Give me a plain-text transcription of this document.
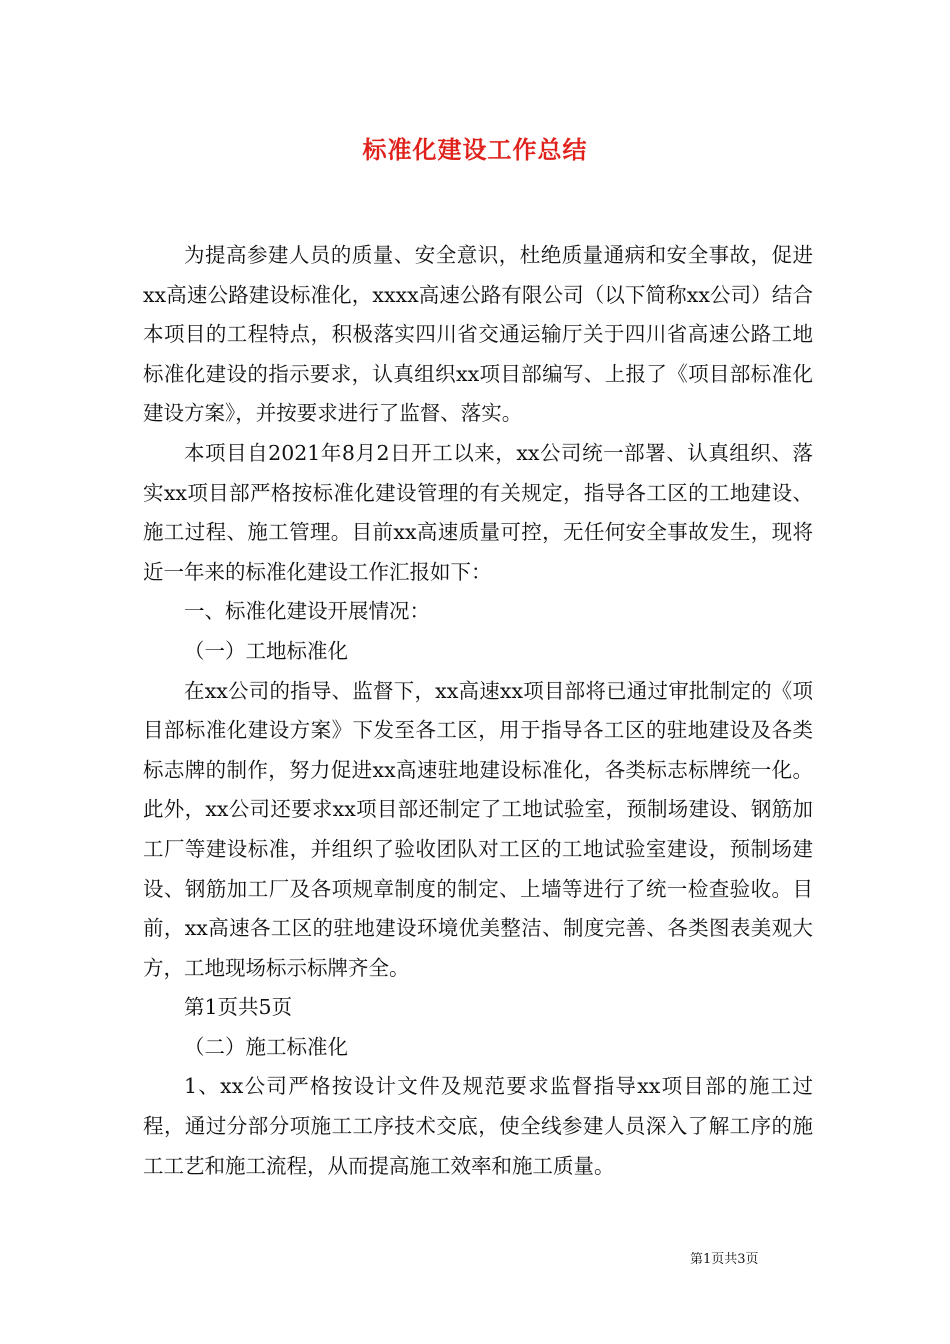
标准化建设工作总结

为提高参建人员的质量、安全意识，杜绝质量通病和安全事故，促进xx高速公路建设标准化，xxxx高速公路有限公司（以下简称xx公司）结合本项目的工程特点，积极落实四川省交通运输厅关于四川省高速公路工地标准化建设的指示要求，认真组织xx项目部编写、上报了《项目部标准化建设方案》，并按要求进行了监督、落实。

本项目自2021年8月2日开工以来，xx公司统一部署、认真组织、落实xx项目部严格按标准化建设管理的有关规定，指导各工区的工地建设、施工过程、施工管理。目前xx高速质量可控，无任何安全事故发生，现将近一年来的标准化建设工作汇报如下：

一、标准化建设开展情况：

（一）工地标准化

在xx公司的指导、监督下，xx高速xx项目部将已通过审批制定的《项目部标准化建设方案》下发至各工区，用于指导各工区的驻地建设及各类标志牌的制作，努力促进xx高速驻地建设标准化，各类标志标牌统一化。此外，xx公司还要求xx项目部还制定了工地试验室，预制场建设、钢筋加工厂等建设标准，并组织了验收团队对工区的工地试验室建设，预制场建设、钢筋加工厂及各项规章制度的制定、上墙等进行了统一检查验收。目前，xx高速各工区的驻地建设环境优美整洁、制度完善、各类图表美观大方，工地现场标示标牌齐全。

第1页共5页

（二）施工标准化

1、xx公司严格按设计文件及规范要求监督指导xx项目部的施工过程，通过分部分项施工工序技术交底，使全线参建人员深入了解工序的施工工艺和施工流程，从而提高施工效率和施工质量。

第1页共3页
